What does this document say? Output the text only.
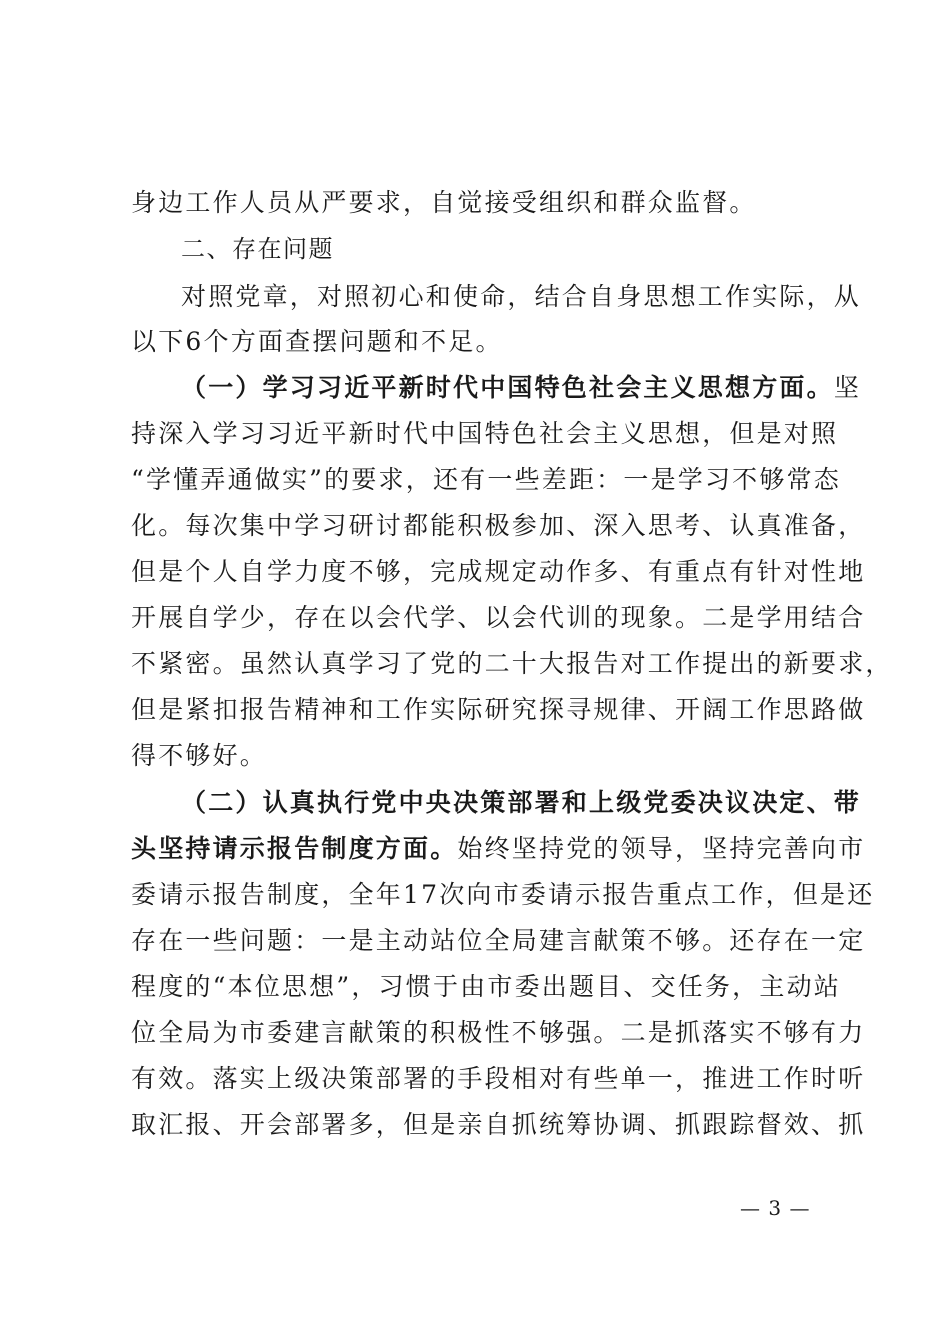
身边工作人员从严要求，自觉接受组织和群众监督。
二、存在问题
对照党章，对照初心和使命，结合自身思想工作实际，从
以下6个方面查摆问题和不足。
（一）学习习近平新时代中国特色社会主义思想方面。坚
持深入学习习近平新时代中国特色社会主义思想，但是对照
“学懂弄通做实”的要求，还有一些差距：一是学习不够常态
化。每次集中学习研讨都能积极参加、深入思考、认真准备，
但是个人自学力度不够，完成规定动作多、有重点有针对性地
开展自学少，存在以会代学、以会代训的现象。二是学用结合
不紧密。虽然认真学习了党的二十大报告对工作提出的新要求，
但是紧扣报告精神和工作实际研究探寻规律、开阔工作思路做
得不够好。
（二）认真执行党中央决策部署和上级党委决议决定、带
头坚持请示报告制度方面。始终坚持党的领导，坚持完善向市
委请示报告制度，全年17次向市委请示报告重点工作，但是还
存在一些问题：一是主动站位全局建言献策不够。还存在一定
程度的“本位思想”，习惯于由市委出题目、交任务，主动站
位全局为市委建言献策的积极性不够强。二是抓落实不够有力
有效。落实上级决策部署的手段相对有些单一，推进工作时听
取汇报、开会部署多，但是亲自抓统筹协调、抓跟踪督效、抓
— 3 —
